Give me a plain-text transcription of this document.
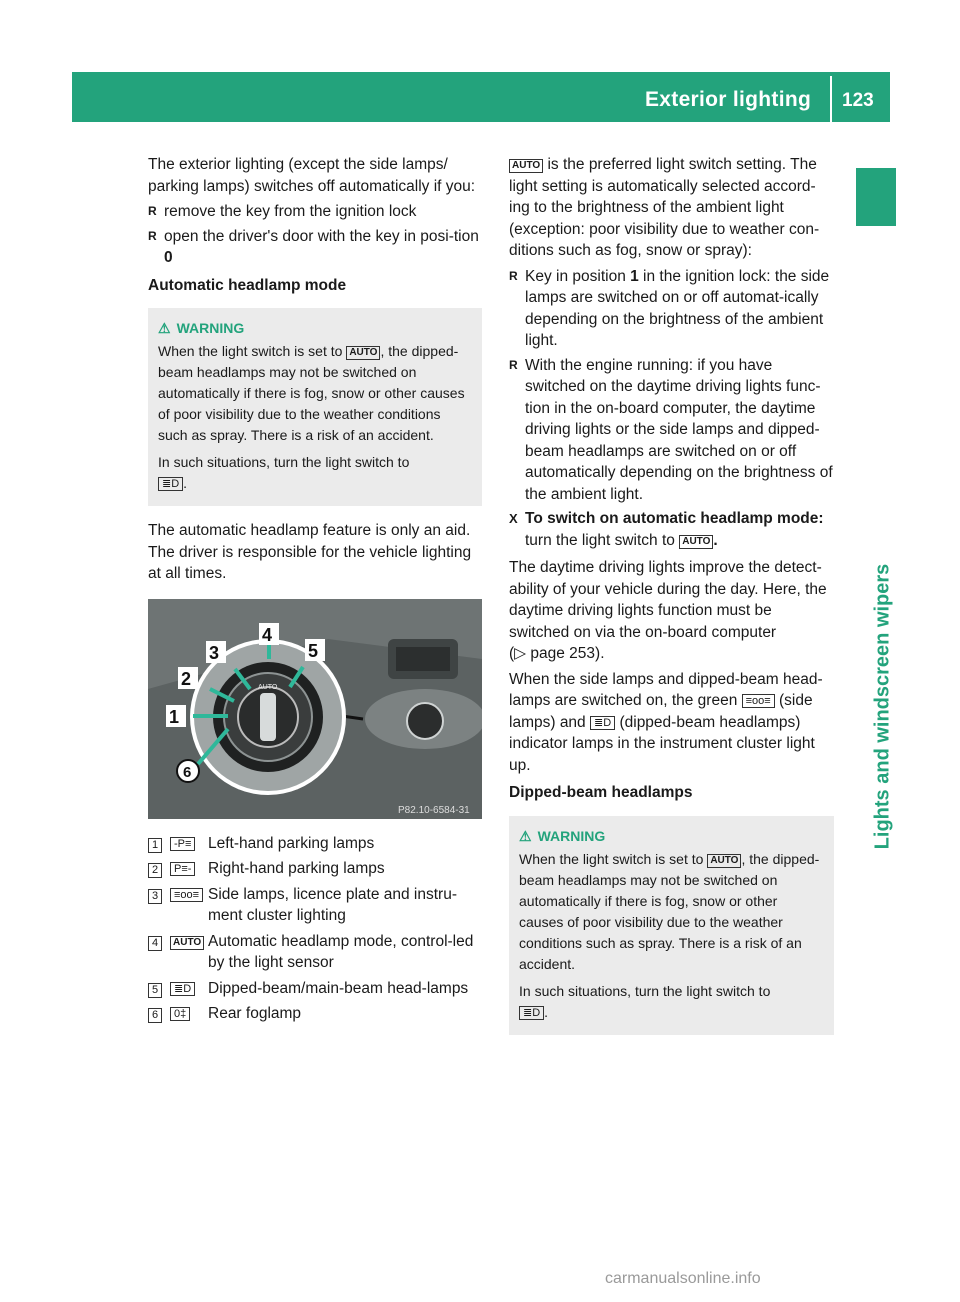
Exterior lighting 123
Lights and windscreen wipers

The exterior lighting (except the side lamps/ parking lamps) switches off automatically if you:

R remove the key from the ignition lock
R open the driver's door with the key in posi-tion 0
Automatic headlamp mode
⚠ WARNING
When the light switch is set to AUTO , the dipped-beam headlamps may not be switched on automatically if there is fog, snow or other causes of poor visibility due to the weather conditions such as spray. There is a risk of an accident.
In such situations, turn the light switch to
≣D .

The automatic headlamp feature is only an aid. The driver is responsible for the vehicle lighting at all times.

AUTO
4
3	5
2
1
6
P82.10-6584-31
1	-P≡	Left-hand parking lamps
2	P≡-	Right-hand parking lamps
3	≡oo≡ Side lamps, licence plate and instru-ment cluster lighting
4	AUTO Automatic headlamp mode, control-led by the light sensor
5	≣D	Dipped-beam/main-beam head-lamps
6	0‡	Rear foglamp

AUTO is the preferred light switch setting. The light setting is automatically selected accord-ing to the brightness of the ambient light (exception: poor visibility due to weather con-ditions such as fog, snow or spray):

R Key in position 1 in the ignition lock: the side lamps are switched on or off automat-ically depending on the brightness of the ambient light.
R With the engine running: if you have switched on the daytime driving lights func-tion in the on-board computer, the daytime driving lights or the side lamps and dipped-beam headlamps are switched on or off automatically depending on the brightness of the ambient light.
X To switch on automatic headlamp mode: turn the light switch to AUTO .

The daytime driving lights improve the detect-ability of your vehicle during the day. Here, the daytime driving lights function must be switched on via the on-board computer
(▷ page 253).

When the side lamps and dipped-beam head-lamps are switched on, the green ≡oo≡ (side lamps) and ≣D (dipped-beam headlamps) indicator lamps in the instrument cluster light up.

Dipped-beam headlamps
⚠ WARNING
When the light switch is set to AUTO , the dipped-beam headlamps may not be switched on automatically if there is fog, snow or other causes of poor visibility due to the weather conditions such as spray. There is a risk of an accident.
In such situations, turn the light switch to
≣D .
carmanualsonline.info
